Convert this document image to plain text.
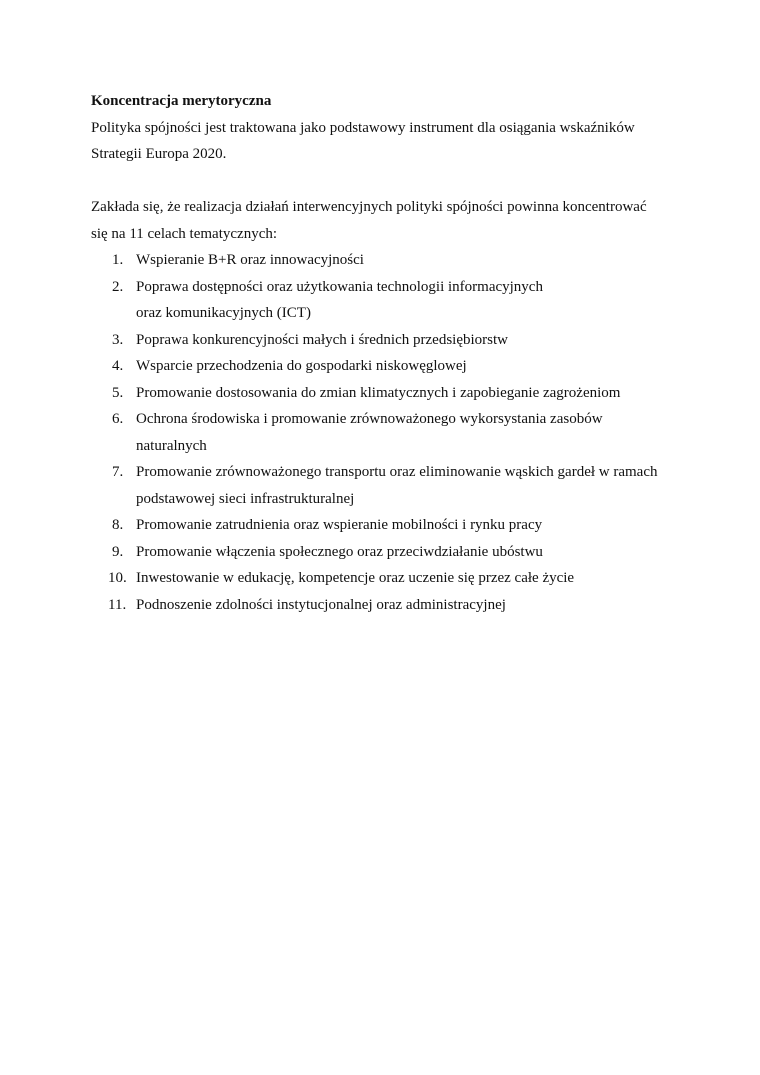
Koncentracja merytoryczna

Polityka spójności jest traktowana jako podstawowy instrument dla osiągania wskaźników Strategii Europa 2020.

Zakłada się, że realizacja działań interwencyjnych polityki spójności powinna koncentrować się na 11 celach tematycznych:

1. Wspieranie B+R oraz innowacyjności
2. Poprawa dostępności oraz użytkowania technologii informacyjnych oraz komunikacyjnych (ICT)
3. Poprawa konkurencyjności małych i średnich przedsiębiorstw
4. Wsparcie przechodzenia do gospodarki niskowęglowej
5. Promowanie dostosowania do zmian klimatycznych i zapobieganie zagrożeniom
6. Ochrona środowiska i promowanie zrównoważonego wykorsystania zasobów naturalnych
7. Promowanie zrównoważonego transportu oraz eliminowanie wąskich gardeł w ramach podstawowej sieci infrastrukturalnej
8. Promowanie zatrudnienia oraz wspieranie mobilności i rynku pracy
9. Promowanie włączenia społecznego oraz przeciwdziałanie ubóstwu
10. Inwestowanie w edukację, kompetencje oraz uczenie się przez całe życie
11. Podnoszenie zdolności instytucjonalnej oraz administracyjnej
